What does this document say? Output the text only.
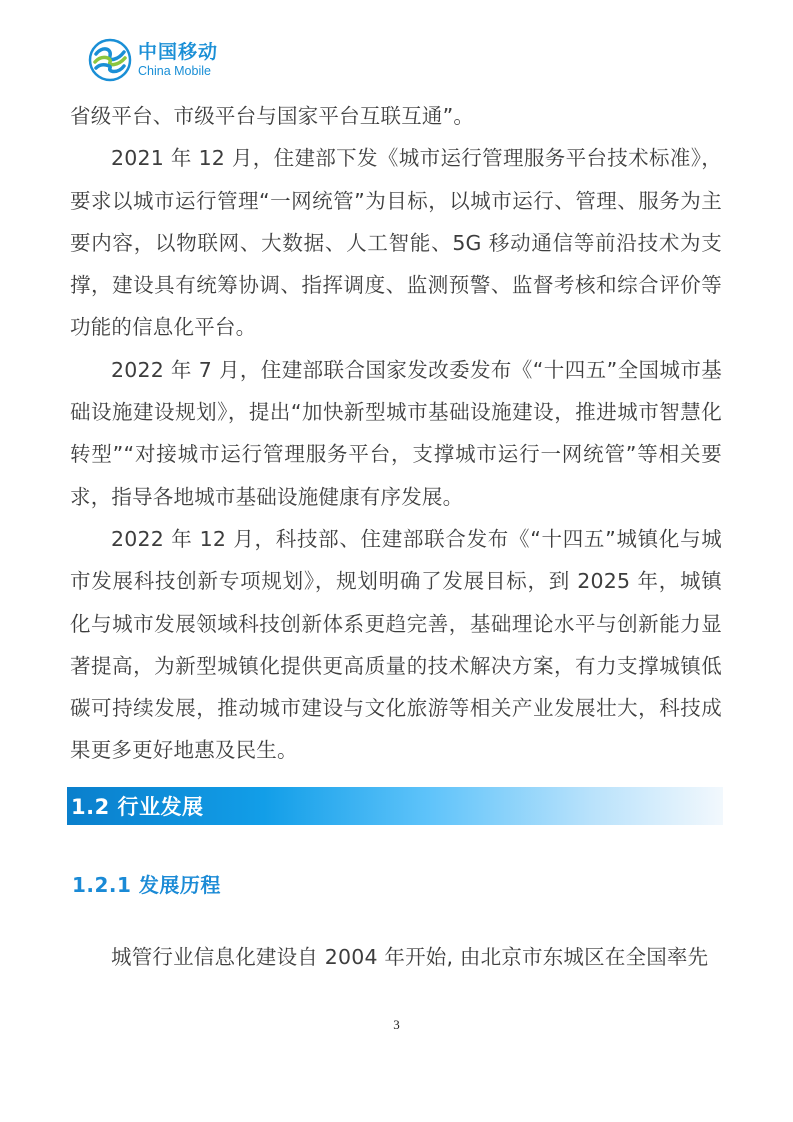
中国移动
China Mobile

省级平台、市级平台与国家平台互联互通”。

2021 年 12 月，住建部下发《城市运行管理服务平台技术标准》，要求以城市运行管理“一网统管”为目标，以城市运行、管理、服务为主要内容，以物联网、大数据、人工智能、5G 移动通信等前沿技术为支撑，建设具有统筹协调、指挥调度、监测预警、监督考核和综合评价等功能的信息化平台。

2022 年 7 月，住建部联合国家发改委发布《“十四五”全国城市基础设施建设规划》，提出“加快新型城市基础设施建设，推进城市智慧化转型”“对接城市运行管理服务平台，支撑城市运行一网统管”等相关要求，指导各地城市基础设施健康有序发展。

2022 年 12 月，科技部、住建部联合发布《“十四五”城镇化与城市发展科技创新专项规划》，规划明确了发展目标，到 2025 年，城镇化与城市发展领域科技创新体系更趋完善，基础理论水平与创新能力显著提高，为新型城镇化提供更高质量的技术解决方案，有力支撑城镇低碳可持续发展，推动城市建设与文化旅游等相关产业发展壮大，科技成果更多更好地惠及民生。

1.2 行业发展
1.2.1 发展历程

城管行业信息化建设自 2004 年开始, 由北京市东城区在全国率先

3
